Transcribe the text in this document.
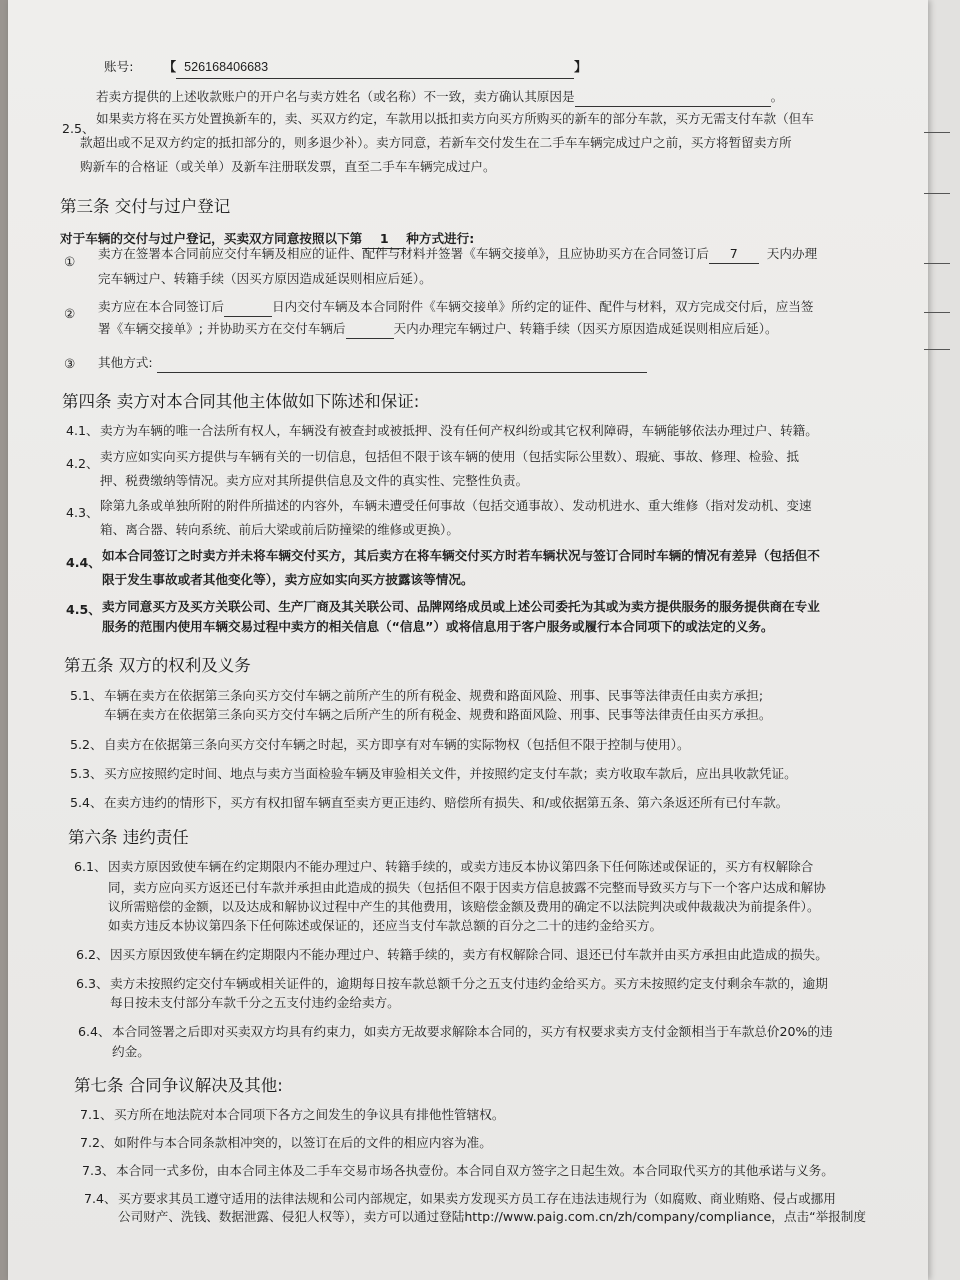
账号: 【 526168406683	】
若卖方提供的上述收款账户的开户名与卖方姓名（或名称）不一致，卖方确认其原因是	。
2.5、
如果卖方将在买方处置换新车的，卖、买双方约定，车款用以抵扣卖方向买方所购买的新车的部分车款，买方无需支付车款（但车
款超出或不足双方约定的抵扣部分的，则多退少补）。卖方同意，若新车交付发生在二手车车辆完成过户之前，买方将暂留卖方所
购新车的合格证（或关单）及新车注册联发票，直至二手车车辆完成过户。
第三条 交付与过户登记
对于车辆的交付与过户登记，买卖双方同意按照以下第 1 种方式进行:
①
卖方在签署本合同前应交付车辆及相应的证件、配件与材料并签署《车辆交接单》，且应协助买方在合同签订后 7 天内办理
完车辆过户、转籍手续（因买方原因造成延误则相应后延）。
② 卖方应在本合同签订后	日内交付车辆及本合同附件《车辆交接单》所约定的证件、配件与材料，双方完成交付后，应当签
署《车辆交接单》; 并协助买方在交付车辆后	天内办理完车辆过户、转籍手续（因买方原因造成延误则相应后延）。
③ 其他方式:
第四条 卖方对本合同其他主体做如下陈述和保证:
4.1、 卖方为车辆的唯一合法所有权人，车辆没有被查封或被抵押、没有任何产权纠纷或其它权利障碍，车辆能够依法办理过户、转籍。
4.2、 卖方应如实向买方提供与车辆有关的一切信息，包括但不限于该车辆的使用（包括实际公里数）、瑕疵、事故、修理、检验、抵
押、税费缴纳等情况。卖方应对其所提供信息及文件的真实性、完整性负责。
4.3、 除第九条或单独所附的附件所描述的内容外，车辆未遭受任何事故（包括交通事故）、发动机进水、重大维修（指对发动机、变速
箱、离合器、转向系统、前后大梁或前后防撞梁的维修或更换）。
4.4、 如本合同签订之时卖方并未将车辆交付买方，其后卖方在将车辆交付买方时若车辆状况与签订合同时车辆的情况有差异（包括但不
限于发生事故或者其他变化等），卖方应如实向买方披露该等情况。
4.5、 卖方同意买方及买方关联公司、生产厂商及其关联公司、品牌网络成员或上述公司委托为其或为卖方提供服务的服务提供商在专业
服务的范围内使用车辆交易过程中卖方的相关信息（“信息”）或将信息用于客户服务或履行本合同项下的或法定的义务。
第五条 双方的权利及义务
5.1、 车辆在卖方在依据第三条向买方交付车辆之前所产生的所有税金、规费和路面风险、刑事、民事等法律责任由卖方承担;
车辆在卖方在依据第三条向买方交付车辆之后所产生的所有税金、规费和路面风险、刑事、民事等法律责任由买方承担。
5.2、 自卖方在依据第三条向买方交付车辆之时起，买方即享有对车辆的实际物权（包括但不限于控制与使用）。
5.3、 买方应按照约定时间、地点与卖方当面检验车辆及审验相关文件，并按照约定支付车款；卖方收取车款后，应出具收款凭证。
5.4、 在卖方违约的情形下，买方有权扣留车辆直至卖方更正违约、赔偿所有损失、和/或依据第五条、第六条返还所有已付车款。
第六条 违约责任
6.1、 因卖方原因致使车辆在约定期限内不能办理过户、转籍手续的，或卖方违反本协议第四条下任何陈述或保证的，买方有权解除合
同，卖方应向买方返还已付车款并承担由此造成的损失（包括但不限于因卖方信息披露不完整而导致买方与下一个客户达成和解协
议所需赔偿的金额，以及达成和解协议过程中产生的其他费用，该赔偿金额及费用的确定不以法院判决或仲裁裁决为前提条件）。
如卖方违反本协议第四条下任何陈述或保证的，还应当支付车款总额的百分之二十的违约金给买方。
6.2、 因买方原因致使车辆在约定期限内不能办理过户、转籍手续的，卖方有权解除合同、退还已付车款并由买方承担由此造成的损失。
6.3、 卖方未按照约定交付车辆或相关证件的，逾期每日按车款总额千分之五支付违约金给买方。买方未按照约定支付剩余车款的，逾期
每日按未支付部分车款千分之五支付违约金给卖方。
6.4、 本合同签署之后即对买卖双方均具有约束力，如卖方无故要求解除本合同的，买方有权要求卖方支付金额相当于车款总价20%的违
约金。
第七条 合同争议解决及其他:
7.1、 买方所在地法院对本合同项下各方之间发生的争议具有排他性管辖权。
7.2、 如附件与本合同条款相冲突的，以签订在后的文件的相应内容为准。
7.3、 本合同一式多份，由本合同主体及二手车交易市场各执壹份。本合同自双方签字之日起生效。本合同取代买方的其他承诺与义务。
7.4、 买方要求其员工遵守适用的法律法规和公司内部规定，如果卖方发现买方员工存在违法违规行为（如腐败、商业贿赂、侵占或挪用
公司财产、洗钱、数据泄露、侵犯人权等），卖方可以通过登陆http://www.paig.com.cn/zh/company/compliance，点击“举报制度
